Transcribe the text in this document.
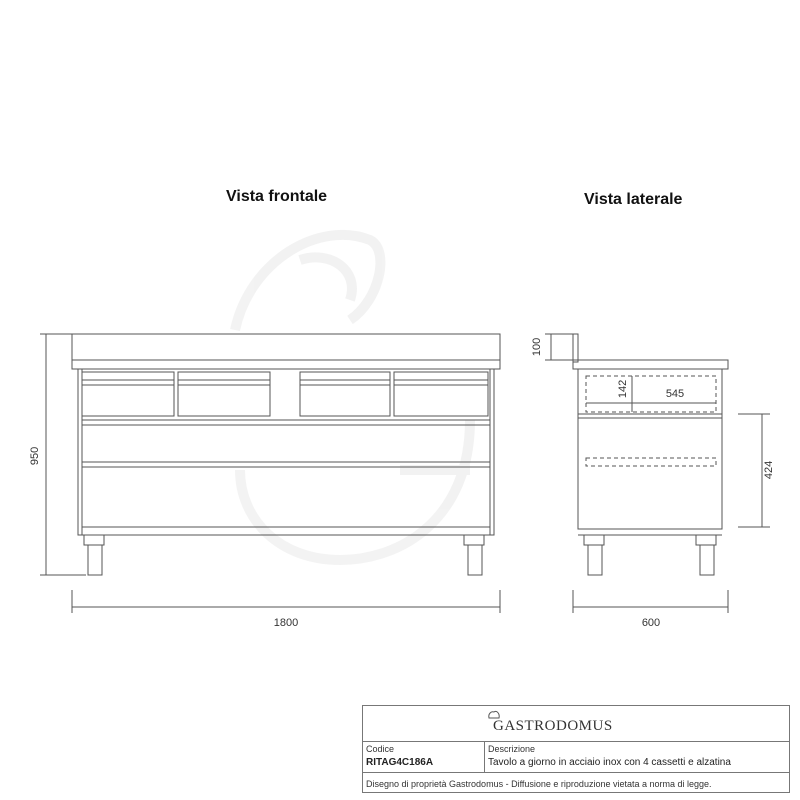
Vista frontale	Vista laterale
950
1800
100
142	545
424
600
GASTRODOMUS
Codice
RITAG4C186A
Descrizione
Tavolo a giorno in acciaio inox con 4 cassetti e alzatina
Disegno di proprietà Gastrodomus - Diffusione e riproduzione vietata a norma di legge.
